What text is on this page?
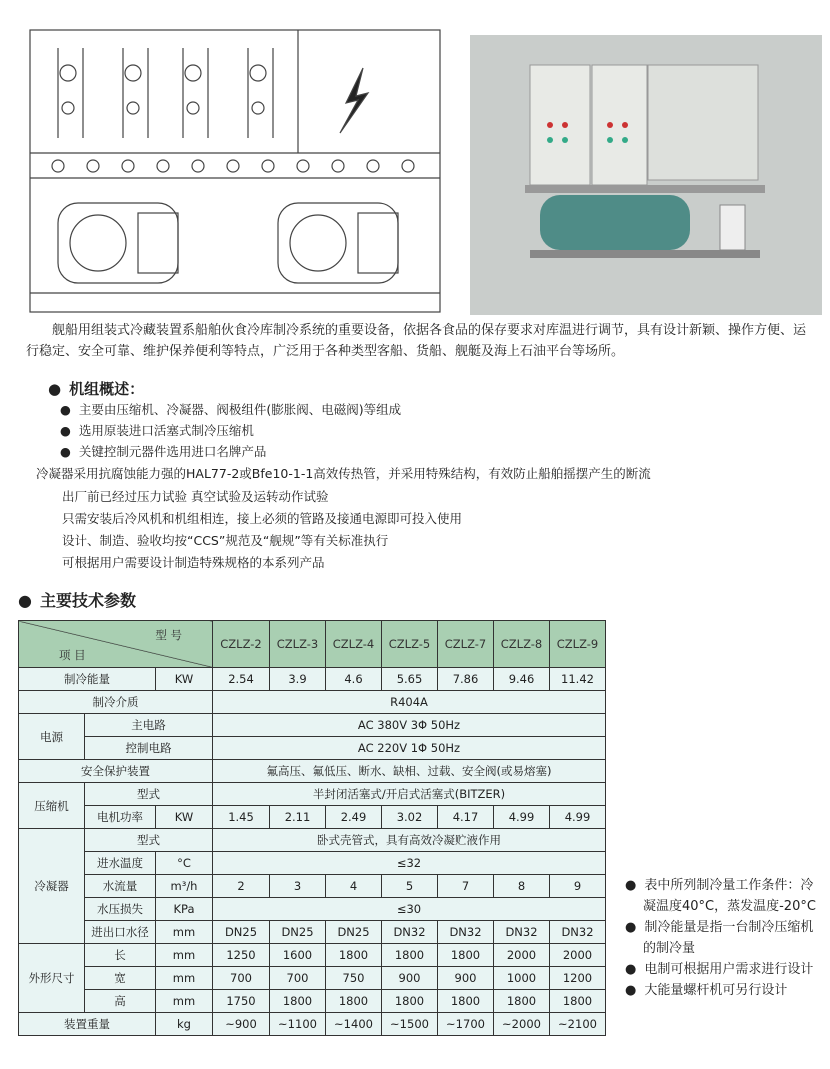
舰船用组装式冷藏装置系船舶伙食冷库制冷系统的重要设备，依据各食品的保存要求对库温进行调节，具有设计新颖、操作方便、运行稳定、安全可靠、维护保养便利等特点，广泛用于各种类型客船、货船、舰艇及海上石油平台等场所。
● 机组概述：
● 主要由压缩机、冷凝器、阀极组件(膨胀阀、电磁阀)等组成
● 选用原装进口活塞式制冷压缩机
● 关键控制元器件选用进口名牌产品
冷凝器采用抗腐蚀能力强的HAL77-2或Bfe10-1-1高效传热管，并采用特殊结构，有效防止船舶摇摆产生的断流
出厂前已经过压力试验 真空试验及运转动作试验
只需安装后冷风机和机组相连，接上必须的管路及接通电源即可投入使用
设计、制造、验收均按“CCS”规范及“舰规”等有关标准执行
可根据用户需要设计制造特殊规格的本系列产品
● 主要技术参数
型 号
项 目			CZLZ-2	CZLZ-3	CZLZ-4	CZLZ-5	CZLZ-7	CZLZ-8	CZLZ-9
制冷能量		KW	2.54	3.9	4.6	5.65	7.86	9.46	11.42
制冷介质			R404A						
电源	主电路		AC 380V 3Φ 50Hz						
	控制电路		AC 220V 1Φ 50Hz						
安全保护装置			氟高压、氟低压、断水、缺相、过载、安全阀(或易熔塞)						
压缩机	型式		半封闭活塞式/开启式活塞式(BITZER)						
	电机功率	KW	1.45	2.11	2.49	3.02	4.17	4.99	4.99
冷凝器	型式		卧式壳管式，具有高效冷凝贮液作用						
	进水温度	°C	≤32						
	水流量	m³/h	2	3	4	5	7	8	9
	水压损失	KPa	≤30						
	进出口水径	mm	DN25	DN25	DN25	DN32	DN32	DN32	DN32
外形尺寸	长	mm	1250	1600	1800	1800	1800	2000	2000
	宽	mm	700	700	750	900	900	1000	1200
	高	mm	1750	1800	1800	1800	1800	1800	1800
装置重量		kg	~900	~1100	~1400	~1500	~1700	~2000	~2100
● 表中所列制冷量工作条件：冷凝温度40°C，蒸发温度-20°C
● 制冷能量是指一台制冷压缩机的制冷量
● 电制可根据用户需求进行设计
● 大能量螺杆机可另行设计
